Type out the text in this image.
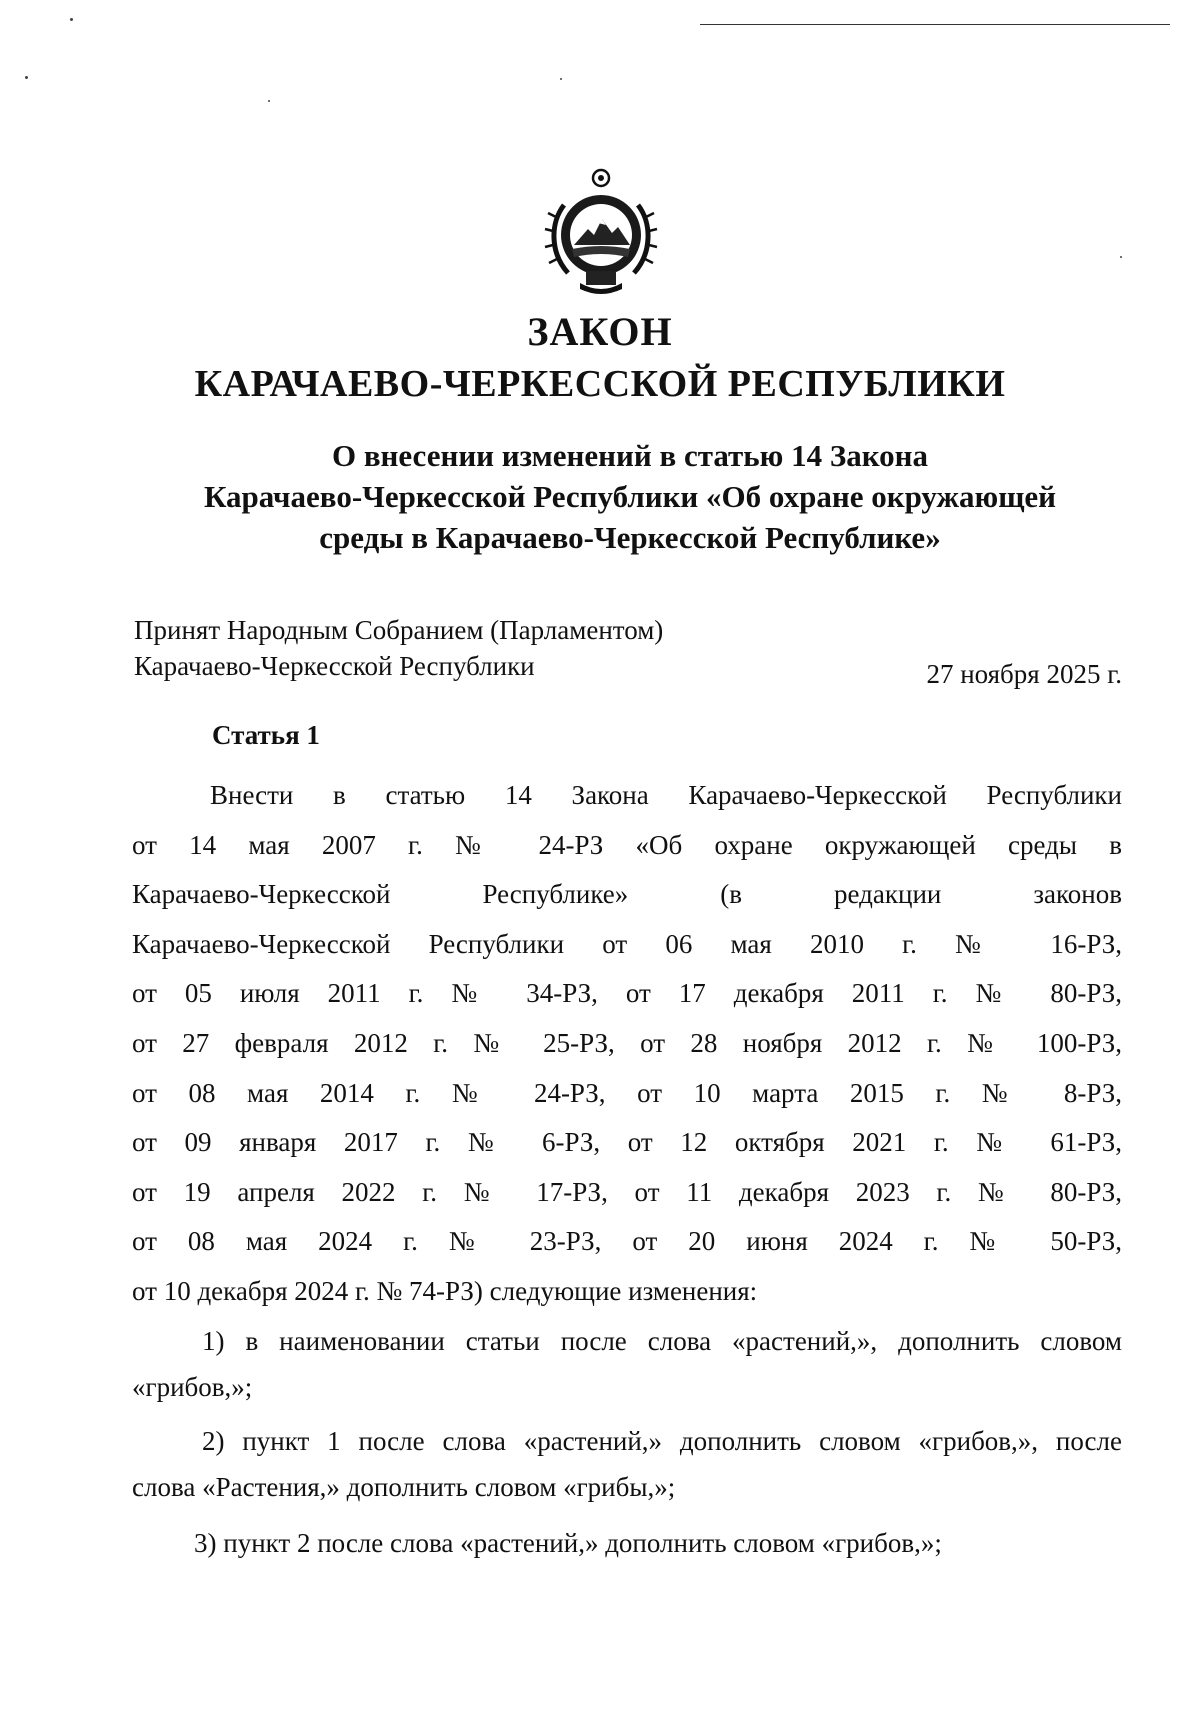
ЗАКОН
КАРАЧАЕВО-ЧЕРКЕССКОЙ РЕСПУБЛИКИ
О внесении изменений в статью 14 Закона
Карачаево-Черкесской Республики «Об охране окружающей
среды в Карачаево-Черкесской Республике»
Принят Народным Собранием (Парламентом)
Карачаево-Черкесской Республики	27 ноября 2025 г.
Статья 1
Внести в статью 14 Закона Карачаево-Черкесской Республики
от 14 мая 2007 г. № 24-РЗ «Об охране окружающей среды в
Карачаево-Черкесской Республике» (в редакции законов
Карачаево-Черкесской Республики от 06 мая 2010 г. № 16-РЗ,
от 05 июля 2011 г. № 34-РЗ, от 17 декабря 2011 г. № 80-РЗ,
от 27 февраля 2012 г. № 25-РЗ, от 28 ноября 2012 г. № 100-РЗ,
от 08 мая 2014 г. № 24-РЗ, от 10 марта 2015 г. № 8-РЗ,
от 09 января 2017 г. № 6-РЗ, от 12 октября 2021 г. № 61-РЗ,
от 19 апреля 2022 г. № 17-РЗ, от 11 декабря 2023 г. № 80-РЗ,
от 08 мая 2024 г. № 23-РЗ, от 20 июня 2024 г. № 50-РЗ,
от 10 декабря 2024 г. № 74-РЗ) следующие изменения:
1) в наименовании статьи после слова «растений,», дополнить словом
«грибов,»;
2) пункт 1 после слова «растений,» дополнить словом «грибов,», после
слова «Растения,» дополнить словом «грибы,»;
3) пункт 2 после слова «растений,» дополнить словом «грибов,»;
